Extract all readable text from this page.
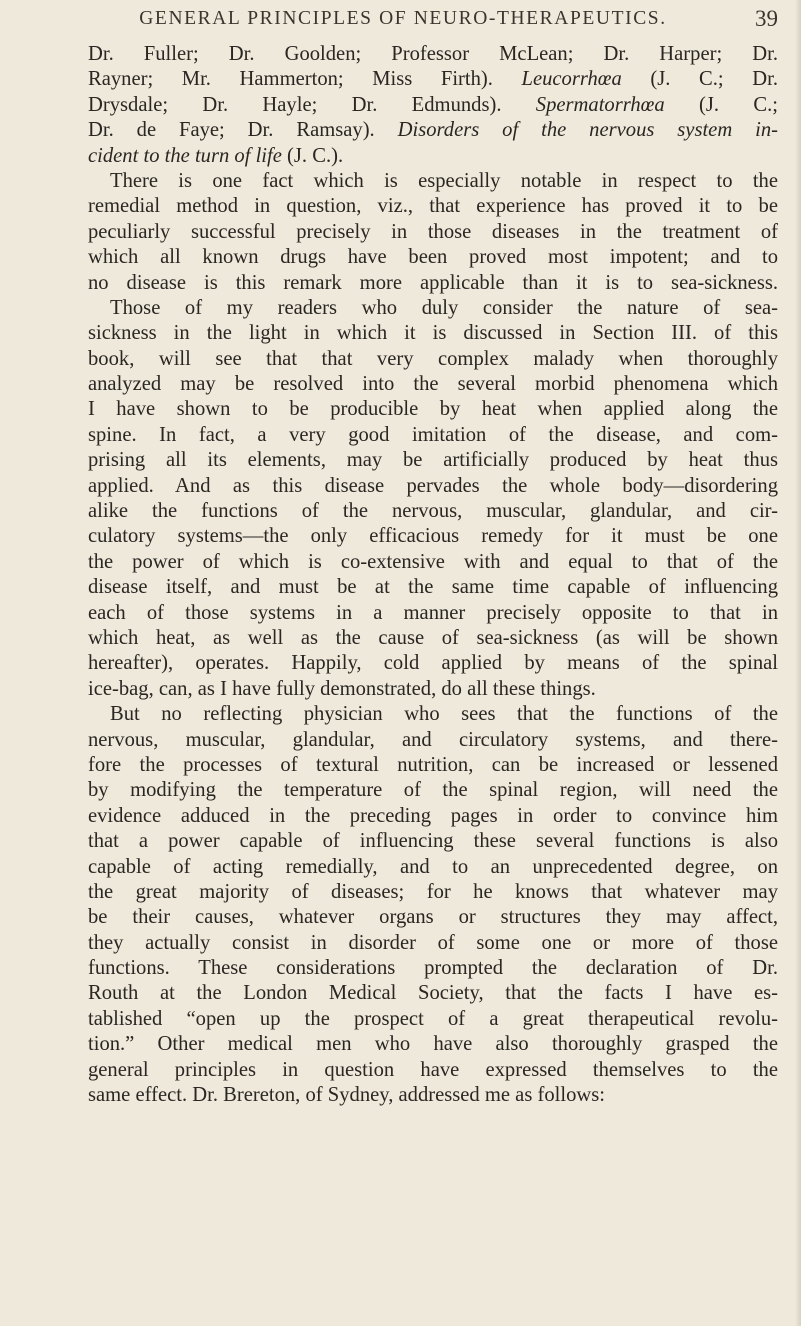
GENERAL PRINCIPLES OF NEURO-THERAPEUTICS.	39
Dr. Fuller; Dr. Goolden; Professor McLean; Dr. Harper; Dr.
Rayner; Mr. Hammerton; Miss Firth). Leucorrhœa (J. C.; Dr.
Drysdale; Dr. Hayle; Dr. Edmunds). Spermatorrhœa (J. C.;
Dr. de Faye; Dr. Ramsay). Disorders of the nervous system in-
cident to the turn of life (J. C.).
There is one fact which is especially notable in respect to the
remedial method in question, viz., that experience has proved it to be
peculiarly successful precisely in those diseases in the treatment of
which all known drugs have been proved most impotent; and to
no disease is this remark more applicable than it is to sea-sickness.
Those of my readers who duly consider the nature of sea-
sickness in the light in which it is discussed in Section III. of this
book, will see that that very complex malady when thoroughly
analyzed may be resolved into the several morbid phenomena which
I have shown to be producible by heat when applied along the
spine. In fact, a very good imitation of the disease, and com-
prising all its elements, may be artificially produced by heat thus
applied. And as this disease pervades the whole body—disordering
alike the functions of the nervous, muscular, glandular, and cir-
culatory systems—the only efficacious remedy for it must be one
the power of which is co-extensive with and equal to that of the
disease itself, and must be at the same time capable of influencing
each of those systems in a manner precisely opposite to that in
which heat, as well as the cause of sea-sickness (as will be shown
hereafter), operates. Happily, cold applied by means of the spinal
ice-bag, can, as I have fully demonstrated, do all these things.
But no reflecting physician who sees that the functions of the
nervous, muscular, glandular, and circulatory systems, and there-
fore the processes of textural nutrition, can be increased or lessened
by modifying the temperature of the spinal region, will need the
evidence adduced in the preceding pages in order to convince him
that a power capable of influencing these several functions is also
capable of acting remedially, and to an unprecedented degree, on
the great majority of diseases; for he knows that whatever may
be their causes, whatever organs or structures they may affect,
they actually consist in disorder of some one or more of those
functions. These considerations prompted the declaration of Dr.
Routh at the London Medical Society, that the facts I have es-
tablished “open up the prospect of a great therapeutical revolu-
tion.” Other medical men who have also thoroughly grasped the
general principles in question have expressed themselves to the
same effect. Dr. Brereton, of Sydney, addressed me as follows:
